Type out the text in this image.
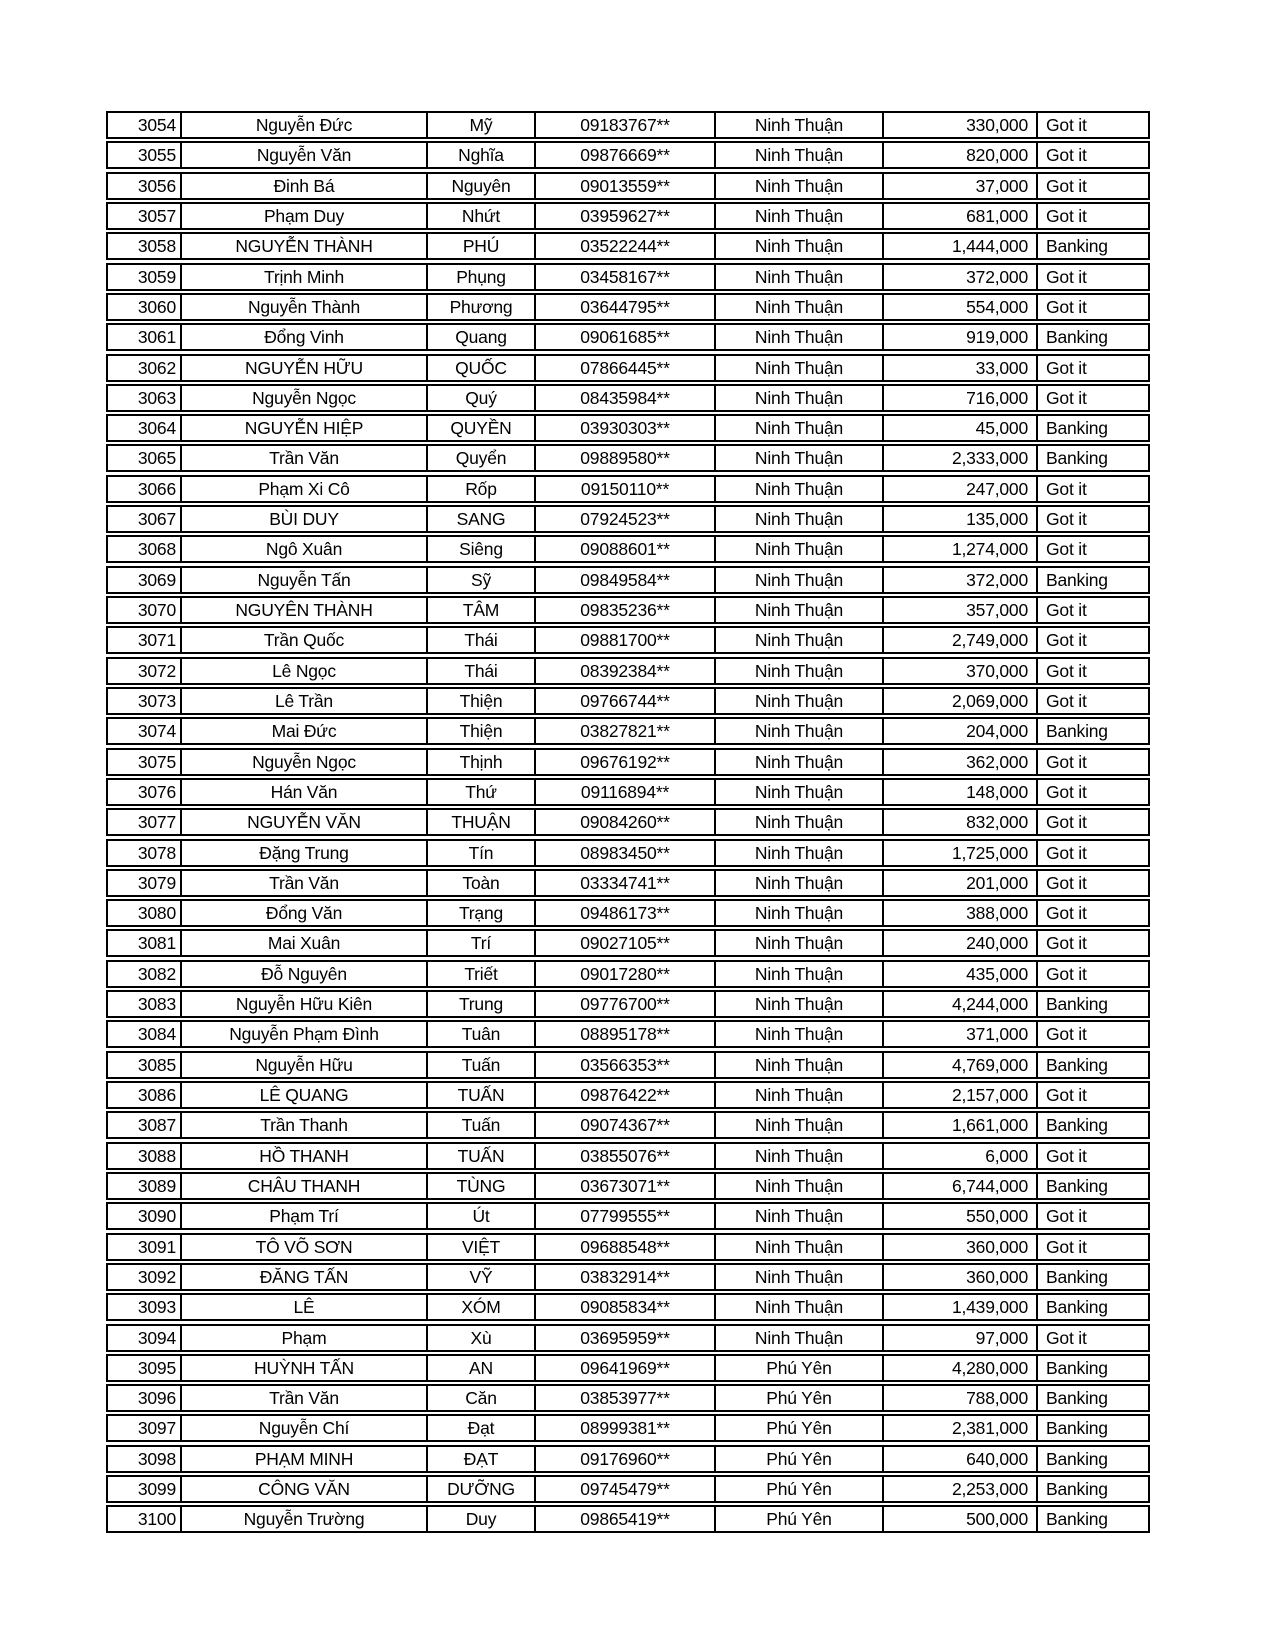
3054	Nguyễn Đức	Mỹ	09183767**	Ninh Thuận	330,000	Got it
3055	Nguyễn Văn	Nghĩa	09876669**	Ninh Thuận	820,000	Got it
3056	Đinh Bá	Nguyên	09013559**	Ninh Thuận	37,000	Got it
3057	Phạm Duy	Nhứt	03959627**	Ninh Thuận	681,000	Got it
3058	NGUYỄN THÀNH	PHÚ	03522244**	Ninh Thuận	1,444,000	Banking
3059	Trịnh Minh	Phụng	03458167**	Ninh Thuận	372,000	Got it
3060	Nguyễn Thành	Phương	03644795**	Ninh Thuận	554,000	Got it
3061	Đổng Vinh	Quang	09061685**	Ninh Thuận	919,000	Banking
3062	NGUYỄN HỮU	QUỐC	07866445**	Ninh Thuận	33,000	Got it
3063	Nguyễn Ngọc	Quý	08435984**	Ninh Thuận	716,000	Got it
3064	NGUYỄN HIỆP	QUYỀN	03930303**	Ninh Thuận	45,000	Banking
3065	Trần Văn	Quyển	09889580**	Ninh Thuận	2,333,000	Banking
3066	Phạm Xi Cô	Rốp	09150110**	Ninh Thuận	247,000	Got it
3067	BÙI DUY	SANG	07924523**	Ninh Thuận	135,000	Got it
3068	Ngô Xuân	Siêng	09088601**	Ninh Thuận	1,274,000	Got it
3069	Nguyễn Tấn	Sỹ	09849584**	Ninh Thuận	372,000	Banking
3070	NGUYÊN THÀNH	TÂM	09835236**	Ninh Thuận	357,000	Got it
3071	Trần Quốc	Thái	09881700**	Ninh Thuận	2,749,000	Got it
3072	Lê Ngọc	Thái	08392384**	Ninh Thuận	370,000	Got it
3073	Lê Trần	Thiện	09766744**	Ninh Thuận	2,069,000	Got it
3074	Mai Đức	Thiện	03827821**	Ninh Thuận	204,000	Banking
3075	Nguyễn Ngọc	Thịnh	09676192**	Ninh Thuận	362,000	Got it
3076	Hán Văn	Thứ	09116894**	Ninh Thuận	148,000	Got it
3077	NGUYỄN VĂN	THUẬN	09084260**	Ninh Thuận	832,000	Got it
3078	Đặng Trung	Tín	08983450**	Ninh Thuận	1,725,000	Got it
3079	Trần Văn	Toàn	03334741**	Ninh Thuận	201,000	Got it
3080	Đổng Văn	Trạng	09486173**	Ninh Thuận	388,000	Got it
3081	Mai Xuân	Trí	09027105**	Ninh Thuận	240,000	Got it
3082	Đỗ Nguyên	Triết	09017280**	Ninh Thuận	435,000	Got it
3083	Nguyễn Hữu Kiên	Trung	09776700**	Ninh Thuận	4,244,000	Banking
3084	Nguyễn Phạm Đình	Tuân	08895178**	Ninh Thuận	371,000	Got it
3085	Nguyễn Hữu	Tuấn	03566353**	Ninh Thuận	4,769,000	Banking
3086	LÊ QUANG	TUẤN	09876422**	Ninh Thuận	2,157,000	Got it
3087	Trần Thanh	Tuấn	09074367**	Ninh Thuận	1,661,000	Banking
3088	HỒ THANH	TUẤN	03855076**	Ninh Thuận	6,000	Got it
3089	CHÂU THANH	TÙNG	03673071**	Ninh Thuận	6,744,000	Banking
3090	Phạm Trí	Út	07799555**	Ninh Thuận	550,000	Got it
3091	TÔ VÕ SƠN	VIỆT	09688548**	Ninh Thuận	360,000	Got it
3092	ĐĂNG TẤN	VỸ	03832914**	Ninh Thuận	360,000	Banking
3093	LÊ	XÓM	09085834**	Ninh Thuận	1,439,000	Banking
3094	Phạm	Xù	03695959**	Ninh Thuận	97,000	Got it
3095	HUỲNH TẤN	AN	09641969**	Phú Yên	4,280,000	Banking
3096	Trần Văn	Căn	03853977**	Phú Yên	788,000	Banking
3097	Nguyễn Chí	Đạt	08999381**	Phú Yên	2,381,000	Banking
3098	PHẠM MINH	ĐẠT	09176960**	Phú Yên	640,000	Banking
3099	CÔNG VĂN	DƯỠNG	09745479**	Phú Yên	2,253,000	Banking
3100	Nguyễn Trường	Duy	09865419**	Phú Yên	500,000	Banking
